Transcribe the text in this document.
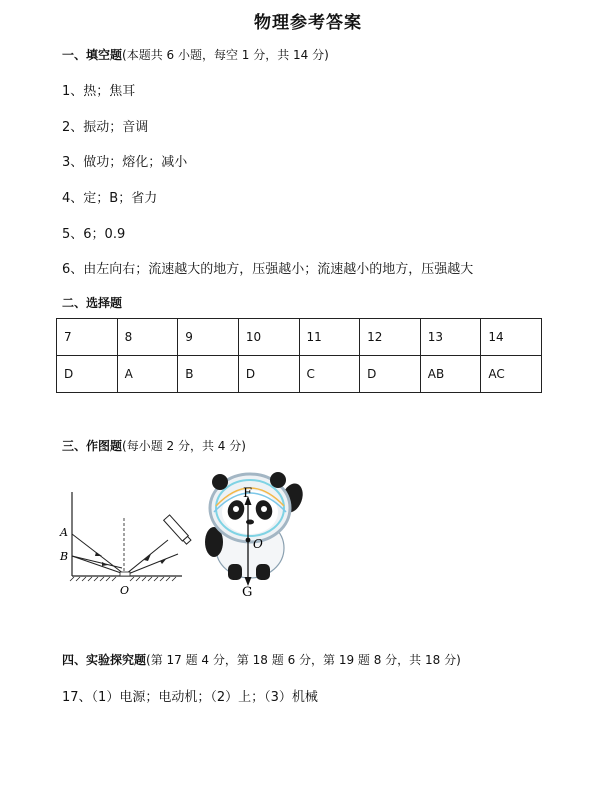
物理参考答案
一、填空题(本题共 6 小题，每空 1 分，共 14 分)
1、热；焦耳
2、振动；音调
3、做功；熔化；减小
4、定；B；省力
5、6；0.9
6、由左向右；流速越大的地方，压强越小；流速越小的地方，压强越大
二、选择题
7	8	9	10	11	12	13	14
D	A	B	D	C	D	AB	AC
三、作图题(每小题 2 分，共 4 分)
A
B
O
F
O
G
四、实验探究题(第 17 题 4 分，第 18 题 6 分，第 19 题 8 分，共 18 分)
17、（1）电源；电动机；（2）上；（3）机械
